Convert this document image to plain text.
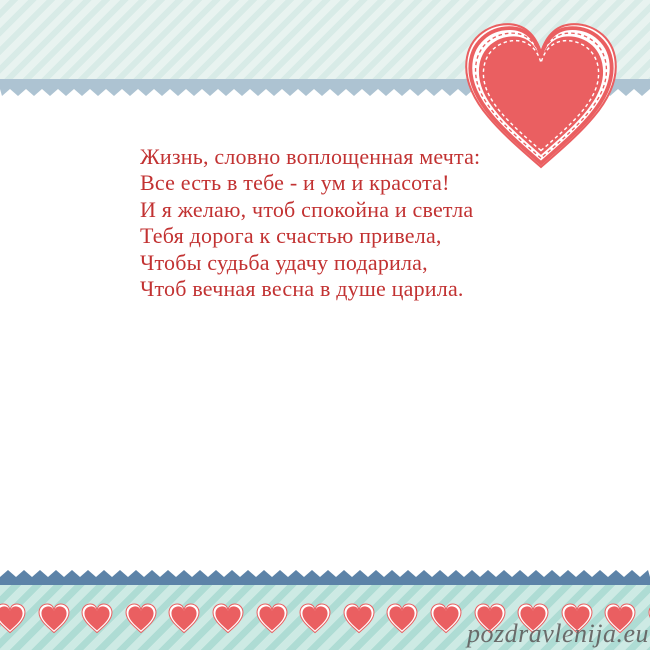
Жизнь, словно воплощенная мечта:
Все есть в тебе - и ум и красота!
И я желаю, чтоб спокойна и светла
Тебя дорога к счастью привела,
Чтобы судьба удачу подарила,
Чтоб вечная весна в душе царила.
pozdravlenija.eu
